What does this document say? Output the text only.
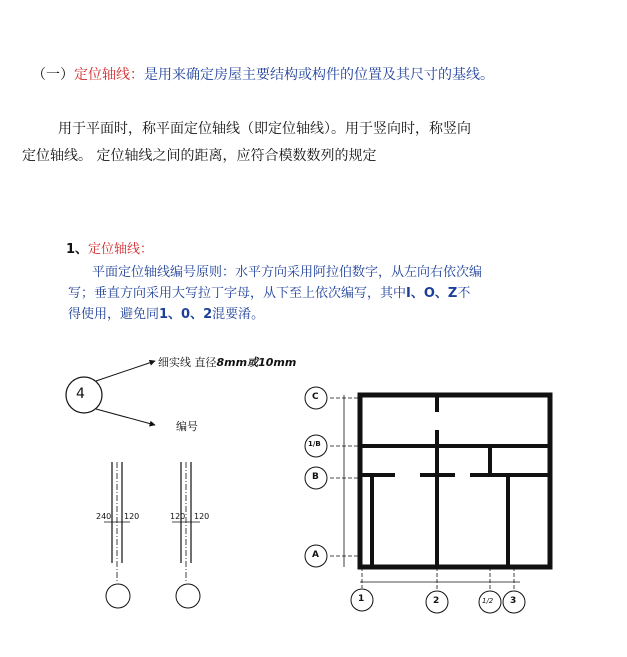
（一）定位轴线：是用来确定房屋主要结构或构件的位置及其尺寸的基线。
用于平面时，称平面定位轴线（即定位轴线）。用于竖向时，称竖向
定位轴线。 定位轴线之间的距离，应符合模数数列的规定
1、定位轴线：
平面定位轴线编号原则：水平方向采用阿拉伯数字，从左向右依次编
写；垂直方向采用大写拉丁字母，从下至上依次编写，其中I、O、Z不
得使用，避免同1、0、2混要淆。
4
细实线 直径8mm或10mm
编号
240 120	120 120
C
1/B
B
A
1	2	1/2 3
